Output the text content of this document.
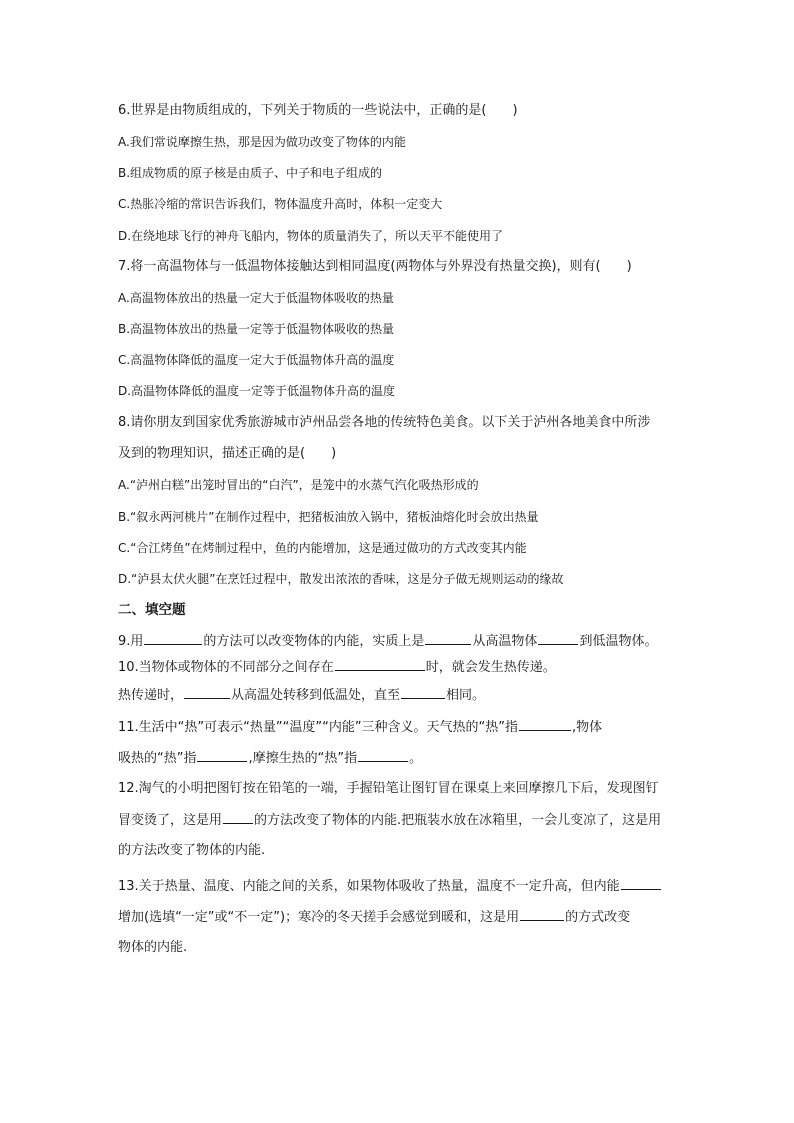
6.世界是由物质组成的，下列关于物质的一些说法中，正确的是(　　)
A.我们常说摩擦生热，那是因为做功改变了物体的内能
B.组成物质的原子核是由质子、中子和电子组成的
C.热胀冷缩的常识告诉我们，物体温度升高时，体积一定变大
D.在绕地球飞行的神舟飞船内，物体的质量消失了，所以天平不能使用了
7.将一高温物体与一低温物体接触达到相同温度(两物体与外界没有热量交换)，则有(　　)
A.高温物体放出的热量一定大于低温物体吸收的热量
B.高温物体放出的热量一定等于低温物体吸收的热量
C.高温物体降低的温度一定大于低温物体升高的温度
D.高温物体降低的温度一定等于低温物体升高的温度
8.请你朋友到国家优秀旅游城市泸州品尝各地的传统特色美食。以下关于泸州各地美食中所涉
及到的物理知识，描述正确的是(　　)
A.“泸州白糕”出笼时冒出的“白汽”，是笼中的水蒸气汽化吸热形成的
B.“叙永两河桃片”在制作过程中，把猪板油放入锅中，猪板油熔化时会放出热量
C.“合江烤鱼”在烤制过程中，鱼的内能增加，这是通过做功的方式改变其内能
D.“泸县太伏火腿”在烹饪过程中，散发出浓浓的香味，这是分子做无规则运动的缘故
二、填空题
9.用	的方法可以改变物体的内能，实质上是	从高温物体	到低温物体。
10.当物体或物体的不同部分之间存在	时，就会发生热传递。
热传递时，	从高温处转移到低温处，直至	相同。
11.生活中“热”可表示“热量”“温度”“内能”三种含义。天气热的“热”指	,物体
吸热的“热”指	,摩擦生热的“热”指	。
12.淘气的小明把图钉按在铅笔的一端，手握铅笔让图钉冒在课桌上来回摩擦几下后，发现图钉
冒变烫了，这是用 的方法改变了物体的内能.把瓶装水放在冰箱里，一会儿变凉了，这是用
的方法改变了物体的内能.
13.关于热量、温度、内能之间的关系，如果物体吸收了热量，温度不一定升高，但内能
增加(选填“一定”或“不一定”)；寒冷的冬天搓手会感觉到暖和，这是用	的方式改变
物体的内能.
